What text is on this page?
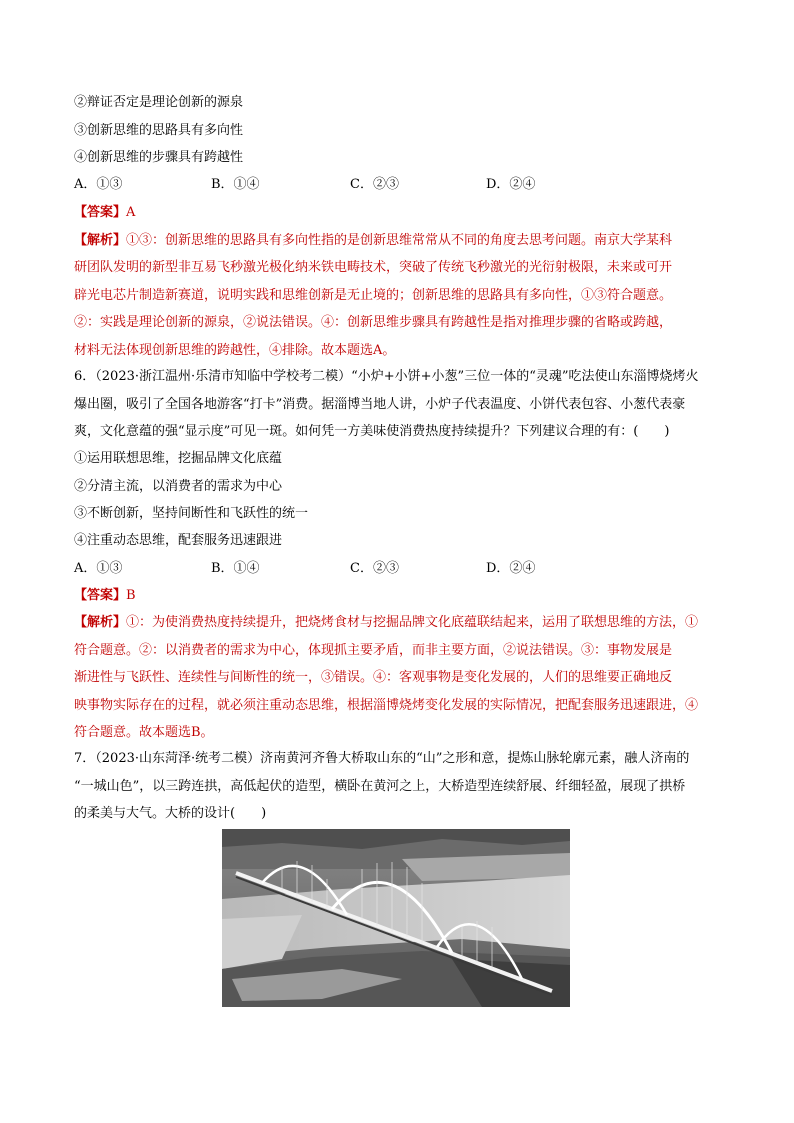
②辩证否定是理论创新的源泉
③创新思维的思路具有多向性
④创新思维的步骤具有跨越性
A．①③	B．①④	C．②③	D．②④
【答案】A
【解析】①③：创新思维的思路具有多向性指的是创新思维常常从不同的角度去思考问题。南京大学某科
研团队发明的新型非互易飞秒激光极化纳米铁电畴技术，突破了传统飞秒激光的光衍射极限，未来或可开
辟光电芯片制造新赛道，说明实践和思维创新是无止境的；创新思维的思路具有多向性，①③符合题意。
②：实践是理论创新的源泉，②说法错误。④：创新思维步骤具有跨越性是指对推理步骤的省略或跨越，
材料无法体现创新思维的跨越性，④排除。故本题选A。
6．（2023·浙江温州·乐清市知临中学校考二模）“小炉+小饼+小葱”三位一体的“灵魂”吃法使山东淄博烧烤火
爆出圈，吸引了全国各地游客“打卡”消费。据淄博当地人讲，小炉子代表温度、小饼代表包容、小葱代表豪
爽，文化意蕴的强“显示度”可见一斑。如何凭一方美味使消费热度持续提升？下列建议合理的有：(　　)
①运用联想思维，挖掘品牌文化底蕴
②分清主流，以消费者的需求为中心
③不断创新，坚持间断性和飞跃性的统一
④注重动态思维，配套服务迅速跟进
A．①③	B．①④	C．②③	D．②④
【答案】B
【解析】①：为使消费热度持续提升，把烧烤食材与挖掘品牌文化底蕴联结起来，运用了联想思维的方法，①
符合题意。②：以消费者的需求为中心，体现抓主要矛盾，而非主要方面，②说法错误。③：事物发展是
渐进性与飞跃性、连续性与间断性的统一，③错误。④：客观事物是变化发展的，人们的思维要正确地反
映事物实际存在的过程，就必须注重动态思维，根据淄博烧烤变化发展的实际情况，把配套服务迅速跟进，④
符合题意。故本题选B。
7．（2023·山东菏泽·统考二模）济南黄河齐鲁大桥取山东的“山”之形和意，提炼山脉轮廓元素，融人济南的
“一城山色”，以三跨连拱，高低起伏的造型，横卧在黄河之上，大桥造型连续舒展、纤细轻盈，展现了拱桥
的柔美与大气。大桥的设计(　　)
